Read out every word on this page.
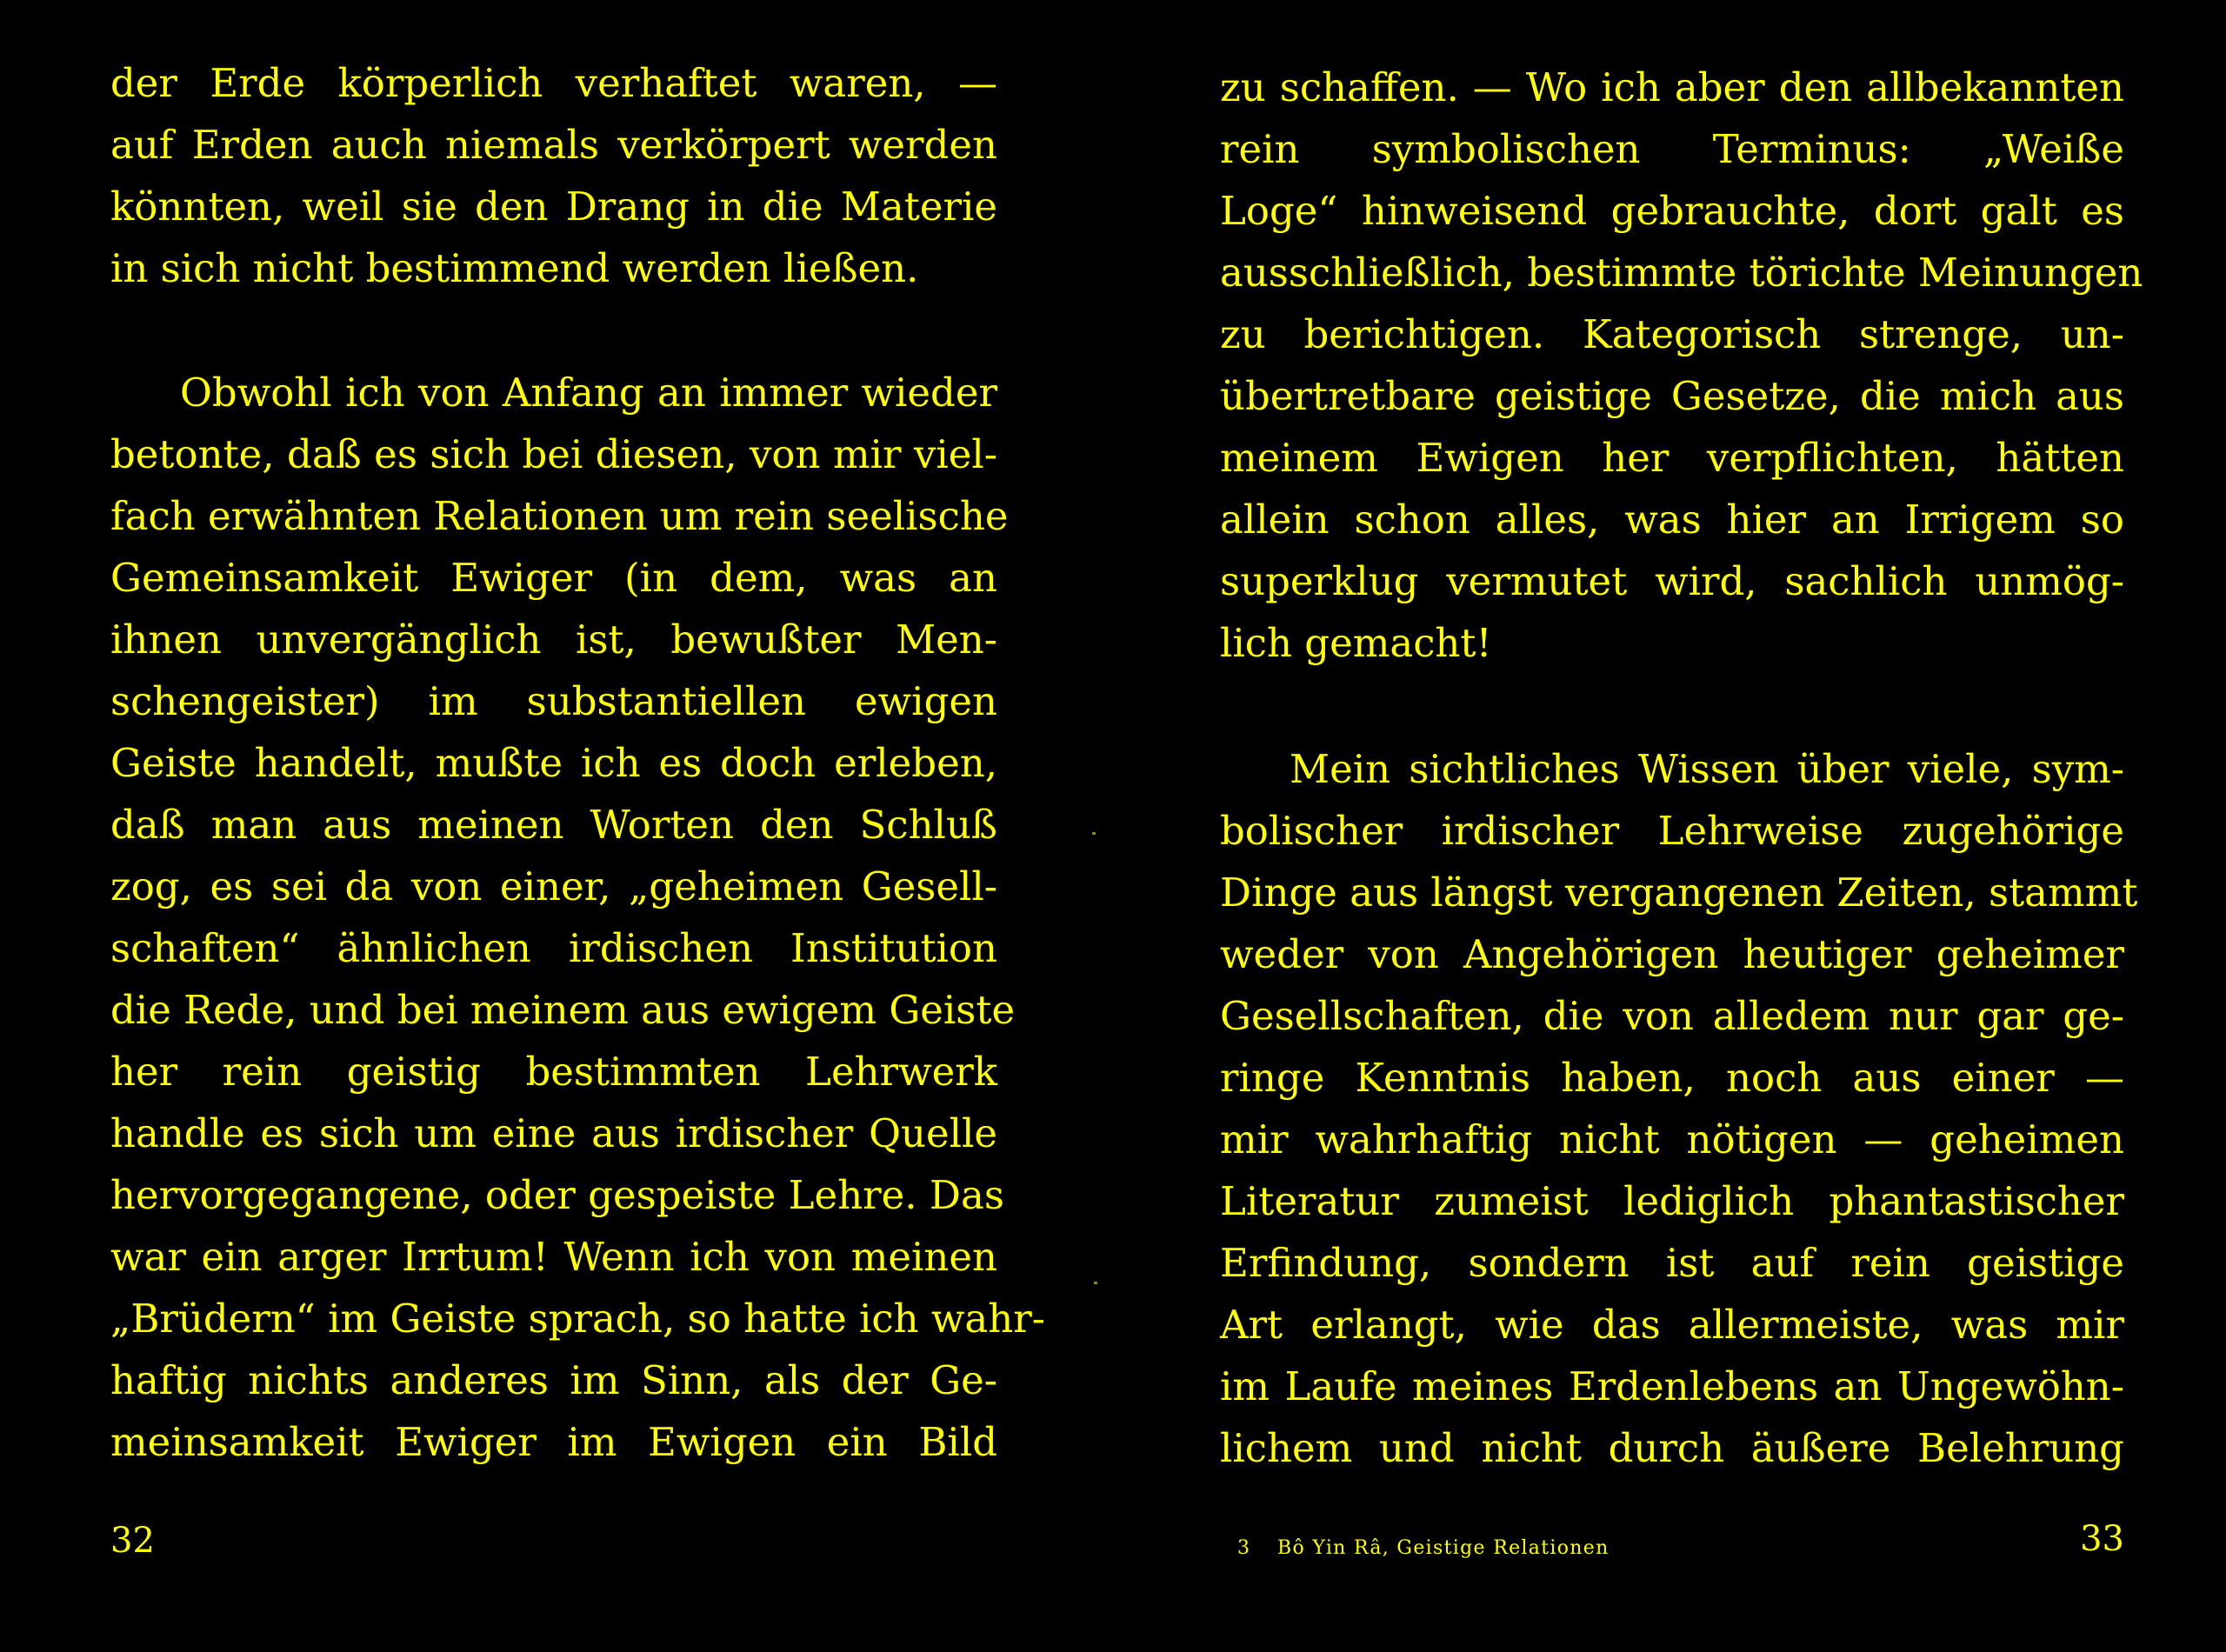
der Erde körperlich verhaftet waren, —
auf Erden auch niemals verkörpert werden
könnten, weil sie den Drang in die Materie
in sich nicht bestimmend werden ließen.
Obwohl ich von Anfang an immer wieder
betonte, daß es sich bei diesen, von mir viel-
fach erwähnten Relationen um rein seelische
Gemeinsamkeit Ewiger (in dem, was an
ihnen unvergänglich ist, bewußter Men-
schengeister) im substantiellen ewigen
Geiste handelt, mußte ich es doch erleben,
daß man aus meinen Worten den Schluß
zog, es sei da von einer, „geheimen Gesell-
schaften“ ähnlichen irdischen Institution
die Rede, und bei meinem aus ewigem Geiste
her rein geistig bestimmten Lehrwerk
handle es sich um eine aus irdischer Quelle
hervorgegangene, oder gespeiste Lehre. Das
war ein arger Irrtum! Wenn ich von meinen
„Brüdern“ im Geiste sprach, so hatte ich wahr-
haftig nichts anderes im Sinn, als der Ge-
meinsamkeit Ewiger im Ewigen ein Bild
32
zu schaffen. — Wo ich aber den allbekannten
rein symbolischen Terminus: „Weiße
Loge“ hinweisend gebrauchte, dort galt es
ausschließlich, bestimmte törichte Meinungen
zu berichtigen. Kategorisch strenge, un-
übertretbare geistige Gesetze, die mich aus
meinem Ewigen her verpflichten, hätten
allein schon alles, was hier an Irrigem so
superklug vermutet wird, sachlich unmög-
lich gemacht!
Mein sichtliches Wissen über viele, sym-
bolischer irdischer Lehrweise zugehörige
Dinge aus längst vergangenen Zeiten, stammt
weder von Angehörigen heutiger geheimer
Gesellschaften, die von alledem nur gar ge-
ringe Kenntnis haben, noch aus einer —
mir wahrhaftig nicht nötigen — geheimen
Literatur zumeist lediglich phantastischer
Erfindung, sondern ist auf rein geistige
Art erlangt, wie das allermeiste, was mir
im Laufe meines Erdenlebens an Ungewöhn-
lichem und nicht durch äußere Belehrung
3 Bô Yin Râ, Geistige Relationen	33
